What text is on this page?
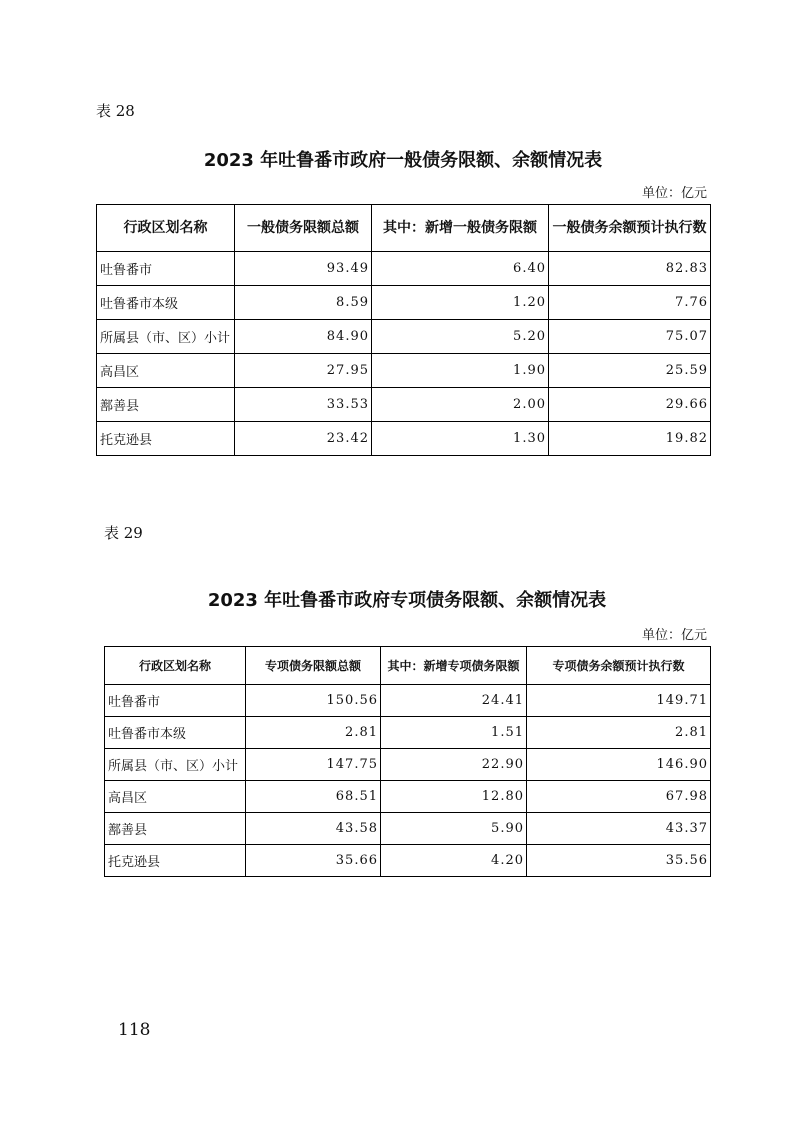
表 28
2023 年吐鲁番市政府一般债务限额、余额情况表
单位：亿元
行政区划名称	一般债务限额总额	其中：新增一般债务限额	一般债务余额预计执行数
吐鲁番市	93.49	6.40	82.83
吐鲁番市本级	8.59	1.20	7.76
所属县（市、区）小计	84.90	5.20	75.07
高昌区	27.95	1.90	25.59
鄯善县	33.53	2.00	29.66
托克逊县	23.42	1.30	19.82
表 29
2023 年吐鲁番市政府专项债务限额、余额情况表
单位：亿元
行政区划名称	专项债务限额总额	其中：新增专项债务限额	专项债务余额预计执行数
吐鲁番市	150.56	24.41	149.71
吐鲁番市本级	2.81	1.51	2.81
所属县（市、区）小计	147.75	22.90	146.90
高昌区	68.51	12.80	67.98
鄯善县	43.58	5.90	43.37
托克逊县	35.66	4.20	35.56
118
